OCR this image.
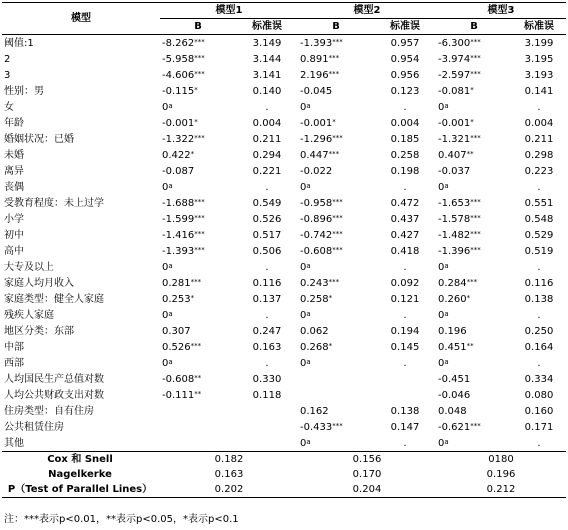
模型	模型1		模型2		模型3	
	B	标准误	B	标准误	B	标准误
阈值:1	-8.262***	3.149	-1.393***	0.957	-6.300***	3.199
2	-5.958***	3.144	0.891***	0.954	-3.974***	3.195
3	-4.606***	3.141	2.196***	0.956	-2.597***	3.193
性别：男	-0.115*	0.140	-0.045	0.123	-0.081*	0.141
女	0$^a$	.	0$^a$	.	0$^a$	.
年龄	-0.001*	0.004	-0.001*	0.004	-0.001*	0.004
婚姻状况：已婚	-1.322***	0.211	-1.296***	0.185	-1.321***	0.211
未婚	0.422*	0.294	0.447***	0.258	0.407**	0.298
离异	-0.087	0.221	-0.022	0.198	-0.037	0.223
丧偶	0$^a$	.	0$^a$	.	0$^a$	.
受教育程度：未上过学	-1.688***	0.549	-0.958***	0.472	-1.653***	0.551
小学	-1.599***	0.526	-0.896***	0.437	-1.578***	0.548
初中	-1.416***	0.517	-0.742***	0.427	-1.482***	0.529
高中	-1.393***	0.506	-0.608***	0.418	-1.396***	0.519
大专及以上	0$^a$	.	0$^a$	.	0$^a$	.
家庭人均月收入	0.281***	0.116	0.243***	0.092	0.284***	0.116
家庭类型：健全人家庭	0.253*	0.137	0.258*	0.121	0.260*	0.138
残疾人家庭	0$^a$	.	0$^a$	.	0$^a$	.
地区分类：东部	0.307	0.247	0.062	0.194	0.196	0.250
中部	0.526***	0.163	0.268*	0.145	0.451**	0.164
西部	0$^a$	.	0$^a$	.	0$^a$	.
人均国民生产总值对数	-0.608**	0.330			-0.451	0.334
人均公共财政支出对数	-0.111**	0.118			-0.046	0.080
住房类型：自有住房			0.162	0.138	0.048	0.160
公共租赁住房			-0.433***	0.147	-0.621***	0.171
其他			0$^a$	.	0$^a$	.
Cox 和 Snell	0.182		0.156		0180	
Nagelkerke	0.163		0.170		0.196	
P（Test of Parallel Lines）	0.202		0.204		0.212	
注：***表示p<0.01，**表示p<0.05，*表示p<0.1
